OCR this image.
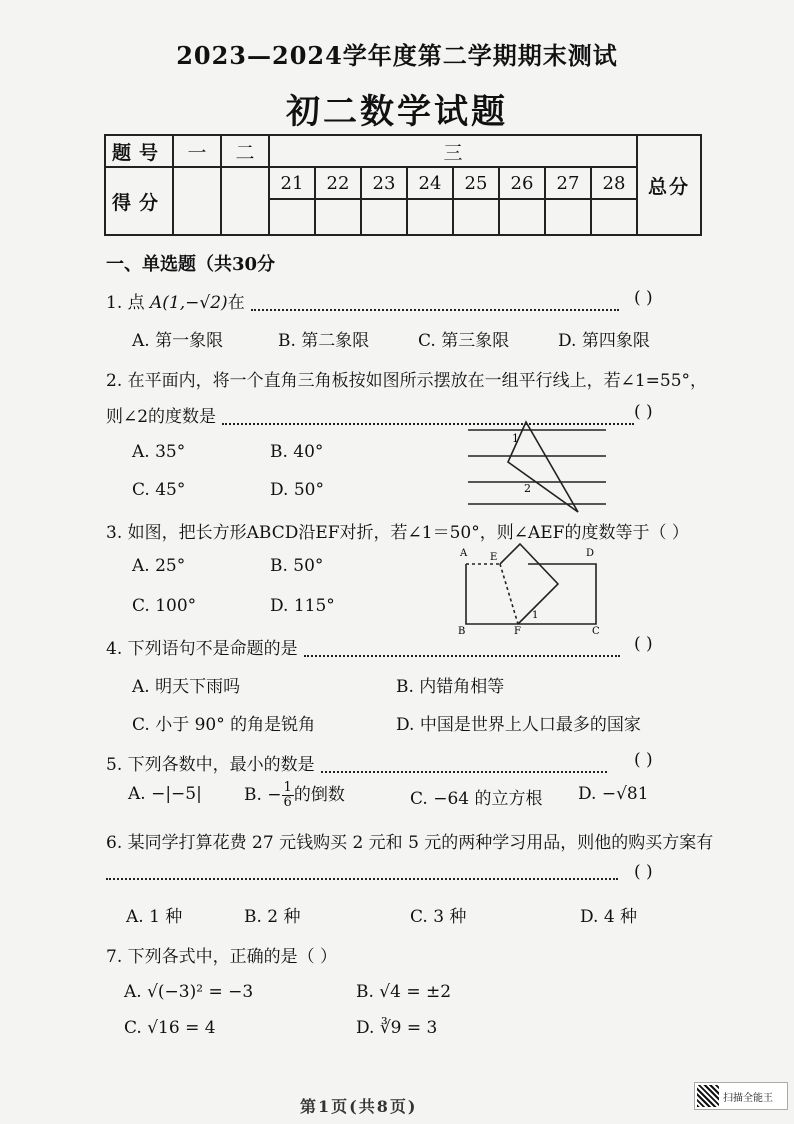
2023—2024学年度第二学期期末测试
初二数学试题
题号	一	二	三								总分
得分			21	22	23	24	25	26	27	28	

一、单选题（共30分
1. 点 A(1,−√2)在	( )
A. 第一象限	B. 第二象限	C. 第三象限	D. 第四象限
2. 在平面内，将一个直角三角板按如图所示摆放在一组平行线上，若∠1=55°，
则∠2的度数是	( )
A. 35°	B. 40°
C. 45°	D. 50°
1
2
3. 如图，把长方形ABCD沿EF对折，若∠1＝50°，则∠AEF的度数等于（ ）
A. 25°	B. 50°
C. 100°	D. 115°
A E	D
B	F	C
1
4. 下列语句不是命题的是	( )
A. 明天下雨吗	B. 内错角相等
C. 小于 90° 的角是锐角	D. 中国是世界上人口最多的国家
5. 下列各数中，最小的数是	( )
A. −|−5| B. − $\frac{1}{6}$ 的倒数	C. −64 的立方根 D. −√81
6. 某同学打算花费 27 元钱购买 2 元和 5 元的两种学习用品，则他的购买方案有
( )
A. 1 种	B. 2 种	C. 3 种	D. 4 种
7. 下列各式中，正确的是（ ）
A. √(−3)² = −3	B. √4 = ±2
C. √16 = 4	D. ∛9 = 3
第1页(共8页)	扫描全能王
